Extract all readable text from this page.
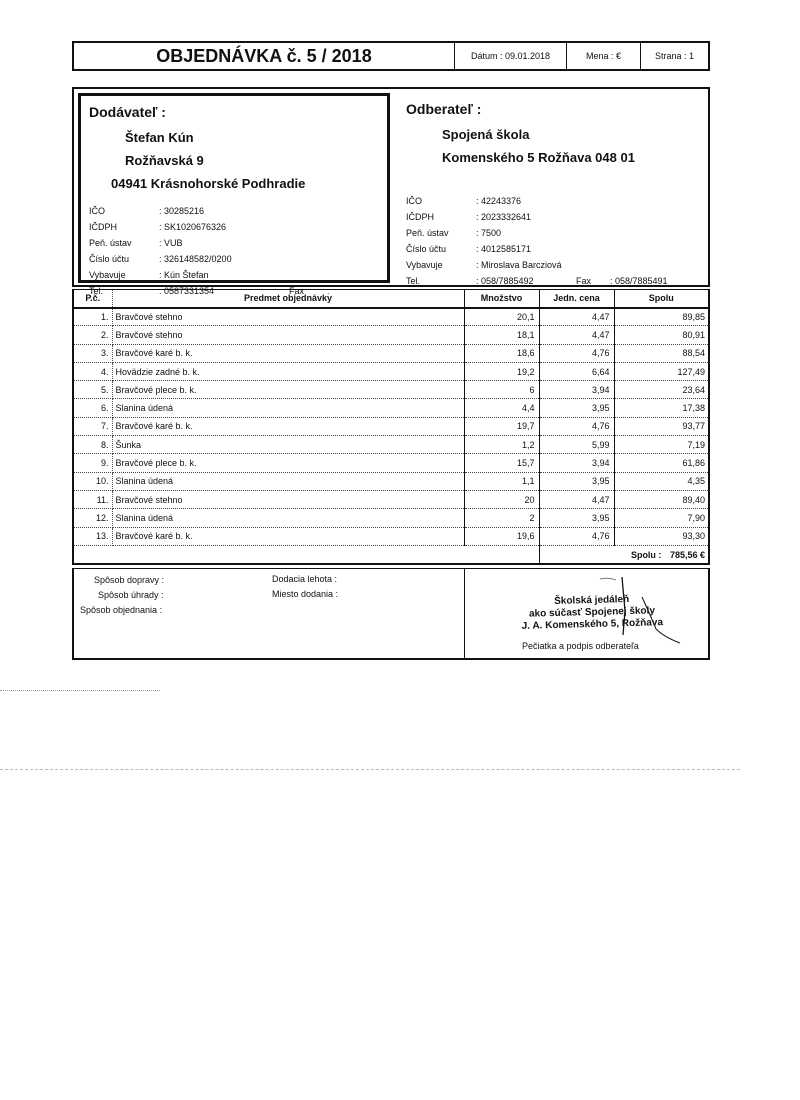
OBJEDNÁVKA č. 5 / 2018	Dátum : 09.01.2018	Mena : €	Strana : 1
Dodávateľ :
Štefan Kún
Rožňavská 9
04941 Krásnohorské Podhradie
IČO	: 30285216
IČDPH	: SK1020676326
Peň. ústav	: VUB
Číslo účtu	: 326148582/0200
Vybavuje	: Kún Štefan
Tel.	: 0587331354	Fax	:
Odberateľ :
Spojená škola
Komenského 5 Rožňava 048 01
IČO	: 42243376
IČDPH	: 2023332641
Peň. ústav	: 7500
Číslo účtu	: 4012585171
Vybavuje	: Miroslava Barcziová
Tel.	: 058/7885492	Fax	: 058/7885491
P.č.	Predmet objednávky	Množstvo	Jedn. cena	Spolu
1.	Bravčové stehno	20,1	4,47	89,85
2.	Bravčové stehno	18,1	4,47	80,91
3.	Bravčové karé b. k.	18,6	4,76	88,54
4.	Hovädzie zadné b. k.	19,2	6,64	127,49
5.	Bravčové plece b. k.	6	3,94	23,64
6.	Slanina údená	4,4	3,95	17,38
7.	Bravčové karé b. k.	19,7	4,76	93,77
8.	Šunka	1,2	5,99	7,19
9.	Bravčové plece b. k.	15,7	3,94	61,86
10.	Slanina údená	1,1	3,95	4,35
11.	Bravčové stehno	20	4,47	89,40
12.	Slanina údená	2	3,95	7,90
13.	Bravčové karé b. k.	19,6	4,76	93,30
			Spolu : 785,56 €	
Spôsob dopravy :
Spôsob úhrady :
Spôsob objednania :
Dodacia lehota :
Miesto dodania :
Školská jedáleň
ako súčasť Spojenej školy
J. A. Komenského 5, Rožňava
Pečiatka a podpis odberateľa
